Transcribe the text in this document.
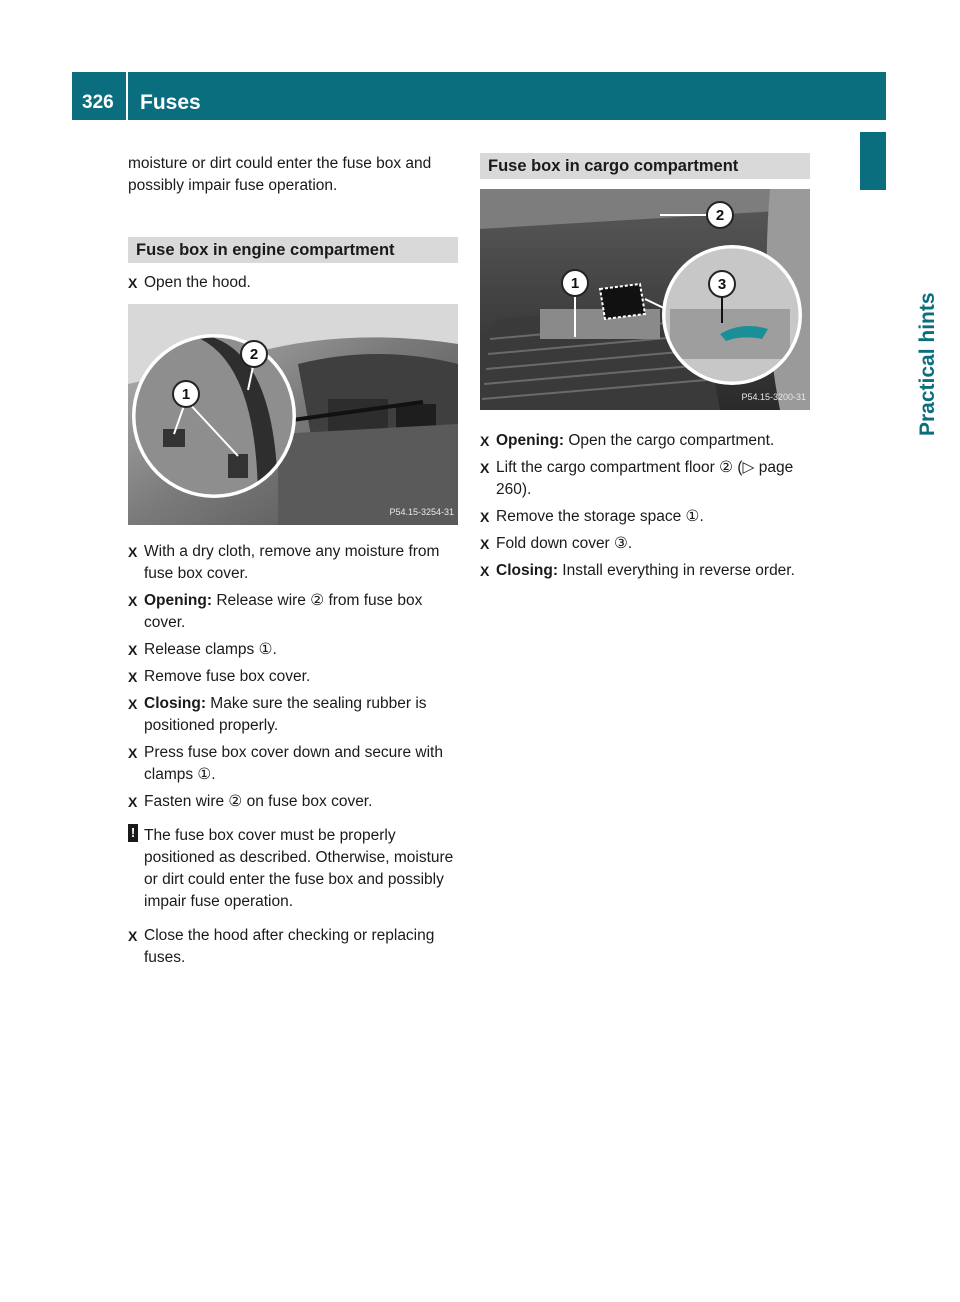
326	Fuses
Practical hints

moisture or dirt could enter the fuse box and possibly impair fuse operation.

Fuse box in engine compartment
X Open the hood.
2
1
P54.15-3254-31
X With a dry cloth, remove any moisture from fuse box cover.
X Opening: Release wire ② from fuse box cover.
X Release clamps ①.
X Remove fuse box cover.
X Closing: Make sure the sealing rubber is positioned properly.
X Press fuse box cover down and secure with clamps ①.
X Fasten wire ② on fuse box cover.
! The fuse box cover must be properly positioned as described. Otherwise, moisture or dirt could enter the fuse box and possibly impair fuse operation.
X Close the hood after checking or replacing fuses.
Fuse box in cargo compartment
2
1	3
P54.15-3200-31
X Opening: Open the cargo compartment.
X Lift the cargo compartment floor ② (▷ page 260).
X Remove the storage space ①.
X Fold down cover ③.
X Closing: Install everything in reverse order.
